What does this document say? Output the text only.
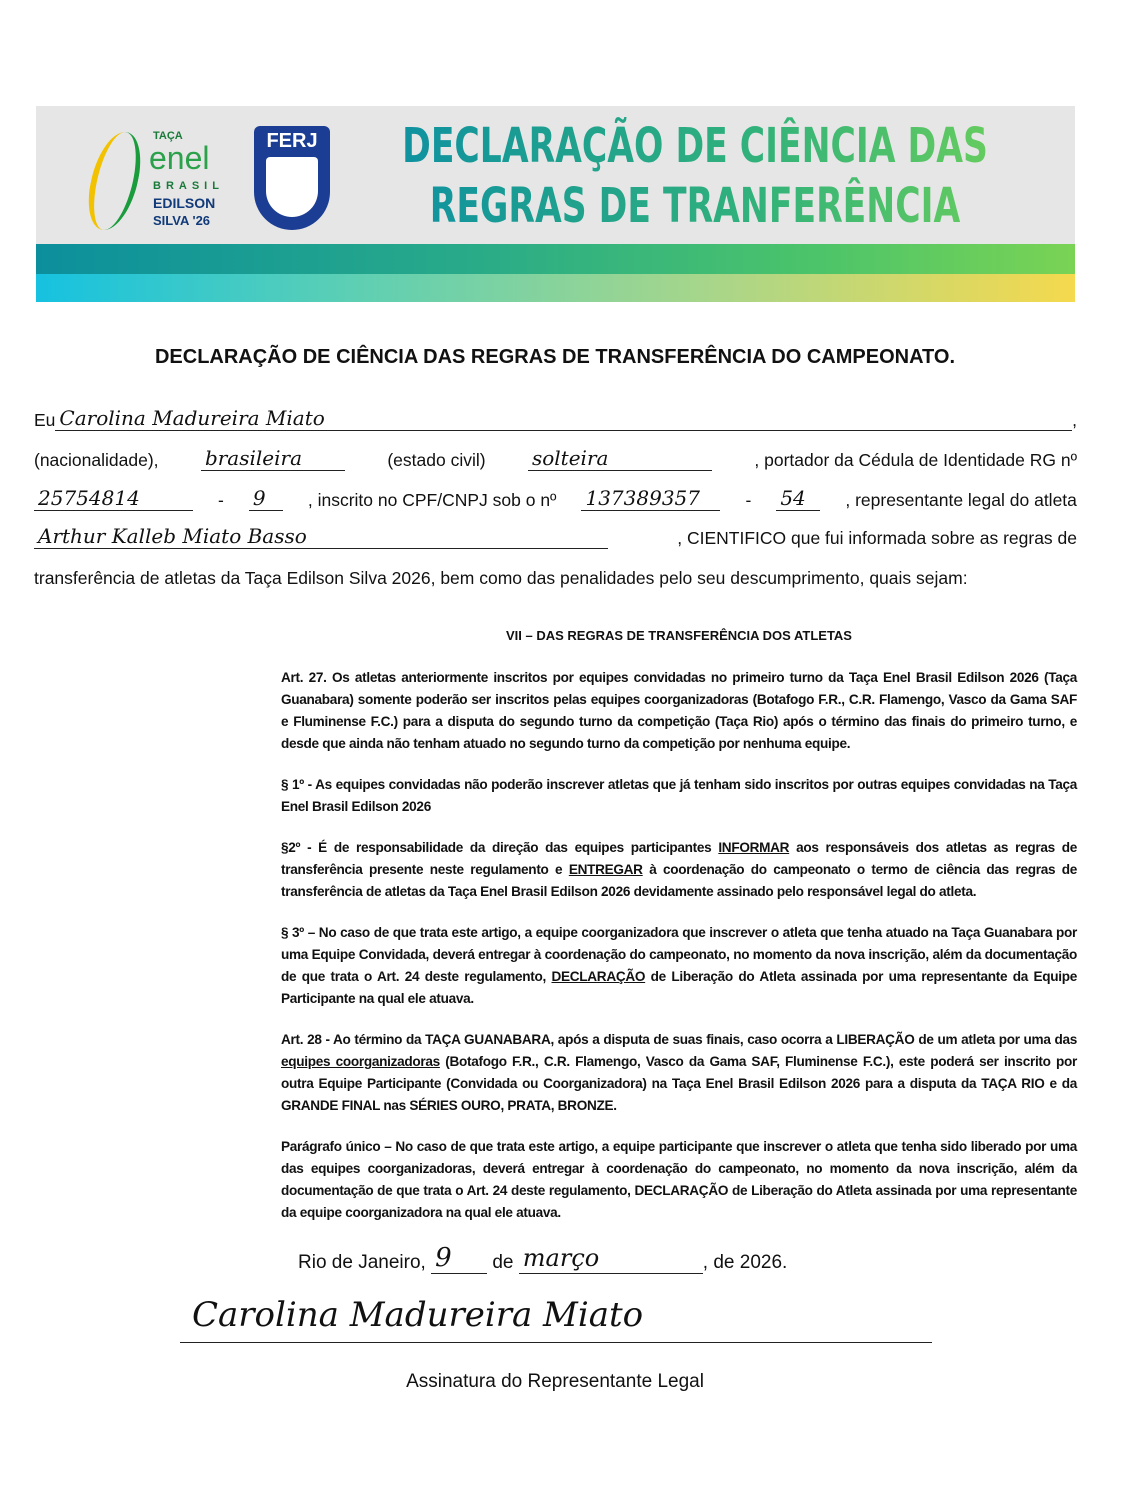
TAÇA
enel
BRASIL
EDILSON
SILVA '26
FERJ	DECLARAÇÃO DE CIÊNCIA DAS
REGRAS DE TRANFERÊNCIA
DECLARAÇÃO DE CIÊNCIA DAS REGRAS DE TRANSFERÊNCIA DO CAMPEONATO.
Eu Carolina Madureira Miato	,
(nacionalidade), brasileira	(estado civil) solteira	, portador da Cédula de Identidade RG nº
25754814	- 9	, inscrito no CPF/CNPJ sob o nº 137389357	- 54	, representante legal do atleta
Arthur Kalleb Miato Basso	, CIENTIFICO que fui informada sobre as regras de
transferência de atletas da Taça Edilson Silva 2026, bem como das penalidades pelo seu descumprimento, quais sejam:
VII – DAS REGRAS DE TRANSFERÊNCIA DOS ATLETAS
Art. 27. Os atletas anteriormente inscritos por equipes convidadas no primeiro turno da Taça Enel Brasil Edilson 2026 (Taça Guanabara) somente poderão ser inscritos pelas equipes coorganizadoras (Botafogo F.R., C.R. Flamengo, Vasco da Gama SAF e Fluminense F.C.) para a disputa do segundo turno da competição (Taça Rio) após o término das finais do primeiro turno, e desde que ainda não tenham atuado no segundo turno da competição por nenhuma equipe.
§ 1º - As equipes convidadas não poderão inscrever atletas que já tenham sido inscritos por outras equipes convidadas na Taça Enel Brasil Edilson 2026
§2º - É de responsabilidade da direção das equipes participantes INFORMAR aos responsáveis dos atletas as regras de transferência presente neste regulamento e ENTREGAR à coordenação do campeonato o termo de ciência das regras de transferência de atletas da Taça Enel Brasil Edilson 2026 devidamente assinado pelo responsável legal do atleta.
§ 3º – No caso de que trata este artigo, a equipe coorganizadora que inscrever o atleta que tenha atuado na Taça Guanabara por uma Equipe Convidada, deverá entregar à coordenação do campeonato, no momento da nova inscrição, além da documentação de que trata o Art. 24 deste regulamento, DECLARAÇÃO de Liberação do Atleta assinada por uma representante da Equipe Participante na qual ele atuava.
Art. 28 - Ao término da TAÇA GUANABARA, após a disputa de suas finais, caso ocorra a LIBERAÇÃO de um atleta por uma das equipes coorganizadoras (Botafogo F.R., C.R. Flamengo, Vasco da Gama SAF, Fluminense F.C.), este poderá ser inscrito por outra Equipe Participante (Convidada ou Coorganizadora) na Taça Enel Brasil Edilson 2026 para a disputa da TAÇA RIO e da GRANDE FINAL nas SÉRIES OURO, PRATA, BRONZE.
Parágrafo único – No caso de que trata este artigo, a equipe participante que inscrever o atleta que tenha sido liberado por uma das equipes coorganizadoras, deverá entregar à coordenação do campeonato, no momento da nova inscrição, além da documentação de que trata o Art. 24 deste regulamento, DECLARAÇÃO de Liberação do Atleta assinada por uma representante da equipe coorganizadora na qual ele atuava.
Rio de Janeiro, 9 de março	, de 2026.
Carolina Madureira Miato
Assinatura do Representante Legal
